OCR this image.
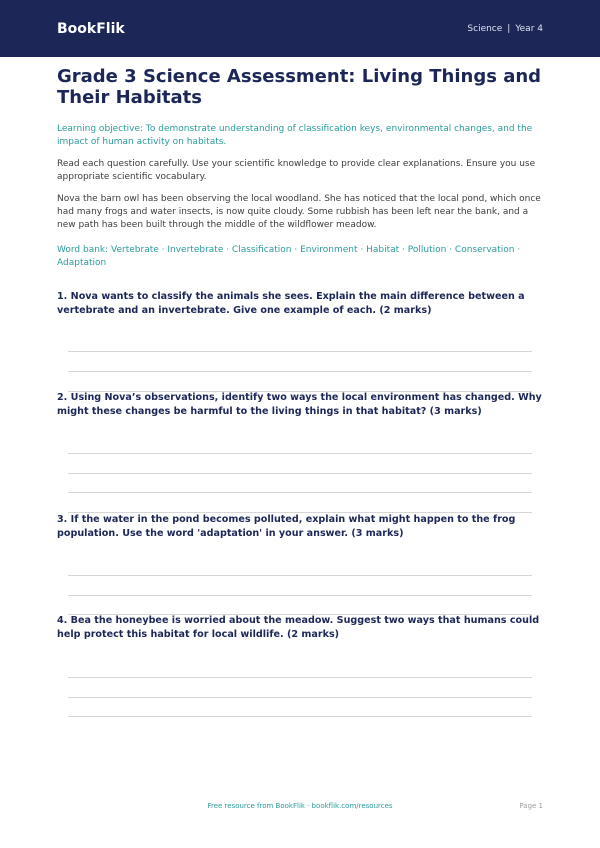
BookFlik	Science | Year 4
Grade 3 Science Assessment: Living Things and Their Habitats

Learning objective: To demonstrate understanding of classification keys, environmental changes, and the impact of human activity on habitats.

Read each question carefully. Use your scientific knowledge to provide clear explanations. Ensure you use appropriate scientific vocabulary.

Nova the barn owl has been observing the local woodland. She has noticed that the local pond, which once had many frogs and water insects, is now quite cloudy. Some rubbish has been left near the bank, and a new path has been built through the middle of the wildflower meadow.

Word bank: Vertebrate · Invertebrate · Classification · Environment · Habitat · Pollution · Conservation · Adaptation

1. Nova wants to classify the animals she sees. Explain the main difference between a vertebrate and an invertebrate. Give one example of each. (2 marks)

2. Using Nova’s observations, identify two ways the local environment has changed. Why might these changes be harmful to the living things in that habitat? (3 marks)

3. If the water in the pond becomes polluted, explain what might happen to the frog population. Use the word 'adaptation' in your answer. (3 marks)

4. Bea the honeybee is worried about the meadow. Suggest two ways that humans could help protect this habitat for local wildlife. (2 marks)

Free resource from BookFlik · bookflik.com/resources	Page 1
